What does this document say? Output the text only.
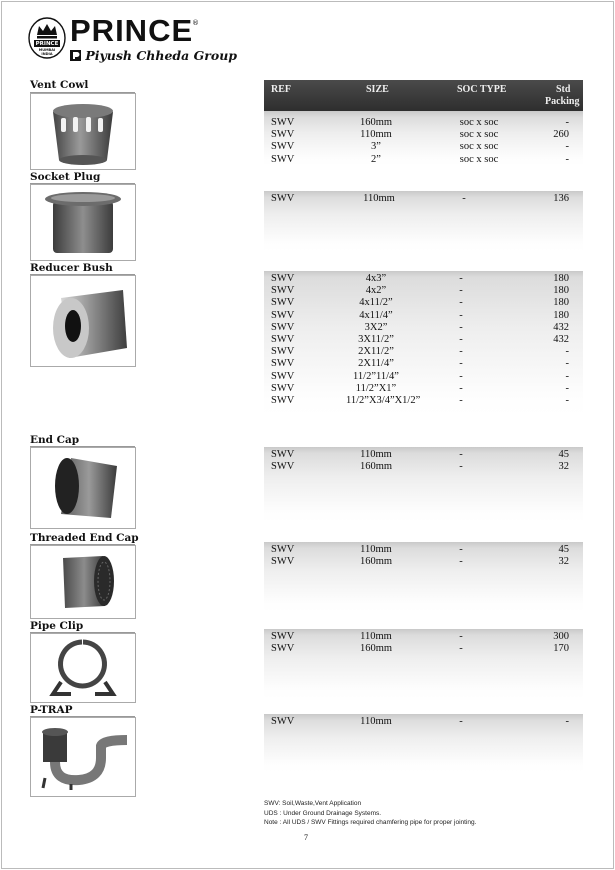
PRINCE
MUMBAI
INDIA
PRINCE
®
Piyush Chheda Group
REF	SIZE	SOC TYPE	Std
Packing
Vent Cowl
Socket Plug
Reducer Bush
End Cap
Threaded End Cap
Pipe Clip
P-TRAP
SWV	160mm	soc x soc	-
SWV	110mm	soc x soc	260
SWV	3”	soc x soc	-
SWV	2”	soc x soc	-
SWV	110mm	-	136
SWV	4x3”	-	180
SWV	4x2”	-	180
SWV	4x11/2”	-	180
SWV	4x11/4”	-	180
SWV	3X2”	-	432
SWV	3X11/2”	-	432
SWV	2X11/2”	-	-
SWV	2X11/4”	-	-
SWV	11/2”11/4”	-	-
SWV	11/2”X1”	-	-
SWV	11/2”X3/4”X1/2”	-	-
SWV	110mm	-	45
SWV	160mm	-	32
SWV	110mm	-	45
SWV	160mm	-	32
SWV	110mm	-	300
SWV	160mm	-	170
SWV	110mm	-	-
SWV: Soil,Waste,Vent Application
UDS : Under Ground Drainage Systems.
Note : All UDS / SWV Fittings required chamfering pipe for proper jointing.
7
